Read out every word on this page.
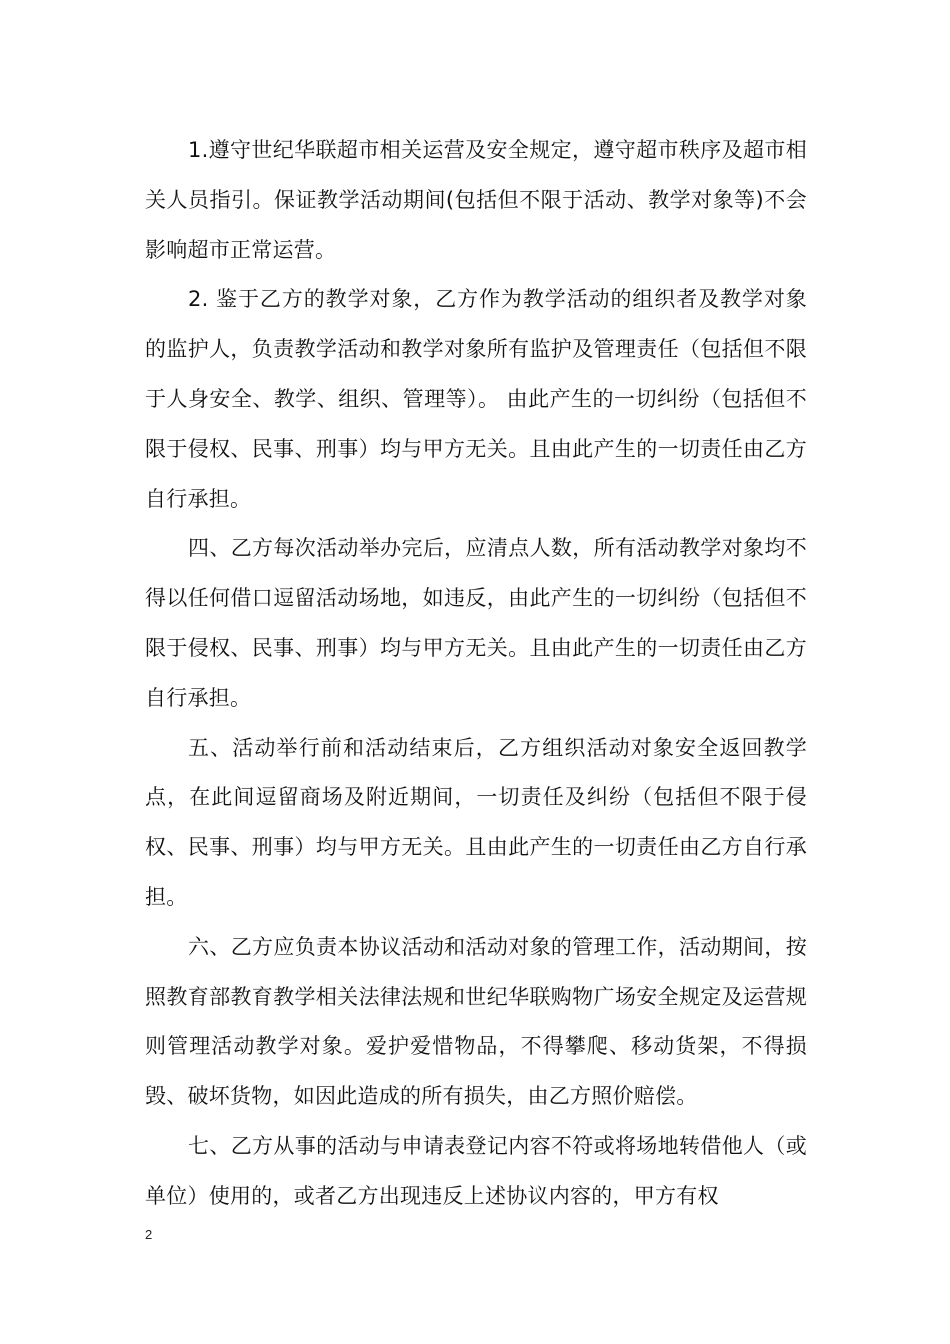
1.遵守世纪华联超市相关运营及安全规定，遵守超市秩序及超市相关人员指引。保证教学活动期间(包括但不限于活动、教学对象等)不会影响超市正常运营。

2. 鉴于乙方的教学对象，乙方作为教学活动的组织者及教学对象的监护人，负责教学活动和教学对象所有监护及管理责任（包括但不限于人身安全、教学、组织、管理等）。 由此产生的一切纠纷（包括但不限于侵权、民事、刑事）均与甲方无关。且由此产生的一切责任由乙方自行承担。

四、乙方每次活动举办完后，应清点人数，所有活动教学对象均不得以任何借口逗留活动场地，如违反，由此产生的一切纠纷（包括但不限于侵权、民事、刑事）均与甲方无关。且由此产生的一切责任由乙方自行承担。

五、活动举行前和活动结束后，乙方组织活动对象安全返回教学点，在此间逗留商场及附近期间，一切责任及纠纷（包括但不限于侵权、民事、刑事）均与甲方无关。且由此产生的一切责任由乙方自行承担。

六、乙方应负责本协议活动和活动对象的管理工作，活动期间，按照教育部教育教学相关法律法规和世纪华联购物广场安全规定及运营规则管理活动教学对象。爱护爱惜物品，不得攀爬、移动货架，不得损毁、破坏货物，如因此造成的所有损失，由乙方照价赔偿。

七、乙方从事的活动与申请表登记内容不符或将场地转借他人（或单位）使用的，或者乙方出现违反上述协议内容的，甲方有权

2
